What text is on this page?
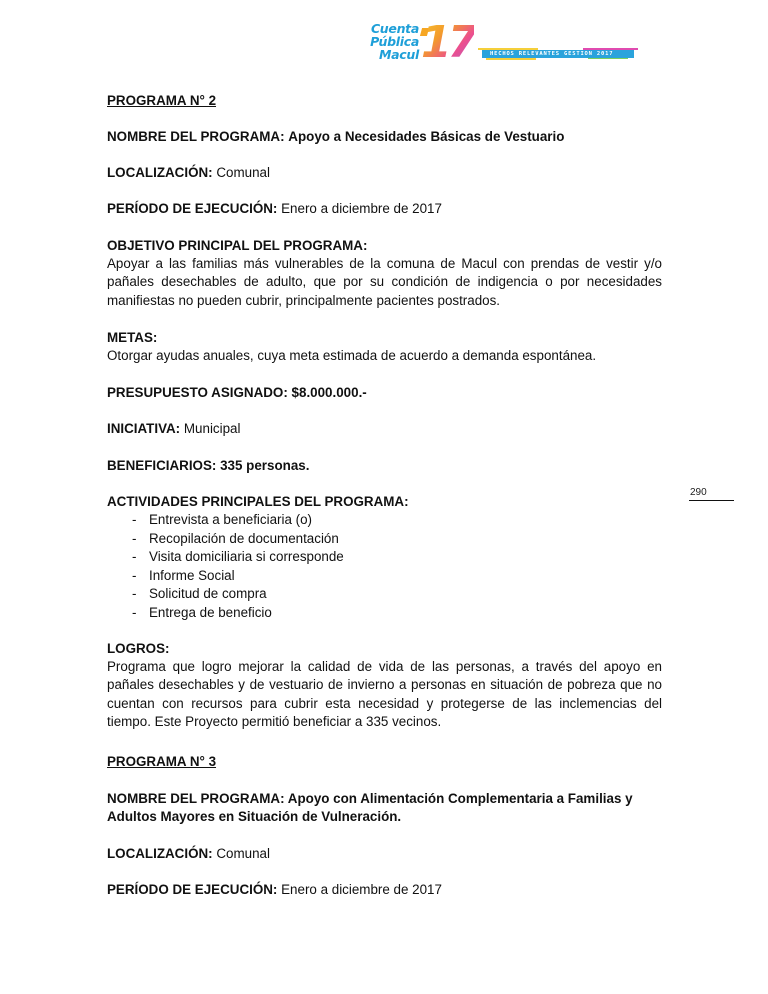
Cuenta
Pública
Macul 17	HECHOS RELEVANTES GESTION 2017
PROGRAMA N° 2
NOMBRE DEL PROGRAMA: Apoyo a Necesidades Básicas de Vestuario
LOCALIZACIÓN: Comunal
PERÍODO DE EJECUCIÓN: Enero a diciembre de 2017
OBJETIVO PRINCIPAL DEL PROGRAMA:
Apoyar a las familias más vulnerables de la comuna de Macul con prendas de vestir y/o pañales desechables de adulto, que por su condición de indigencia o por necesidades manifiestas no pueden cubrir, principalmente pacientes postrados.
METAS:
Otorgar ayudas anuales, cuya meta estimada de acuerdo a demanda espontánea.
PRESUPUESTO ASIGNADO: $8.000.000.-
INICIATIVA: Municipal
BENEFICIARIOS: 335 personas.
ACTIVIDADES PRINCIPALES DEL PROGRAMA:
- Entrevista a beneficiaria (o)
- Recopilación de documentación
- Visita domiciliaria si corresponde
- Informe Social
- Solicitud de compra
- Entrega de beneficio
LOGROS:
Programa que logro mejorar la calidad de vida de las personas, a través del apoyo en pañales desechables y de vestuario de invierno a personas en situación de pobreza que no cuentan con recursos para cubrir esta necesidad y protegerse de las inclemencias del tiempo. Este Proyecto permitió beneficiar a 335 vecinos.
PROGRAMA N° 3
NOMBRE DEL PROGRAMA: Apoyo con Alimentación Complementaria a Familias y Adultos Mayores en Situación de Vulneración.
LOCALIZACIÓN: Comunal
PERÍODO DE EJECUCIÓN: Enero a diciembre de 2017
290
